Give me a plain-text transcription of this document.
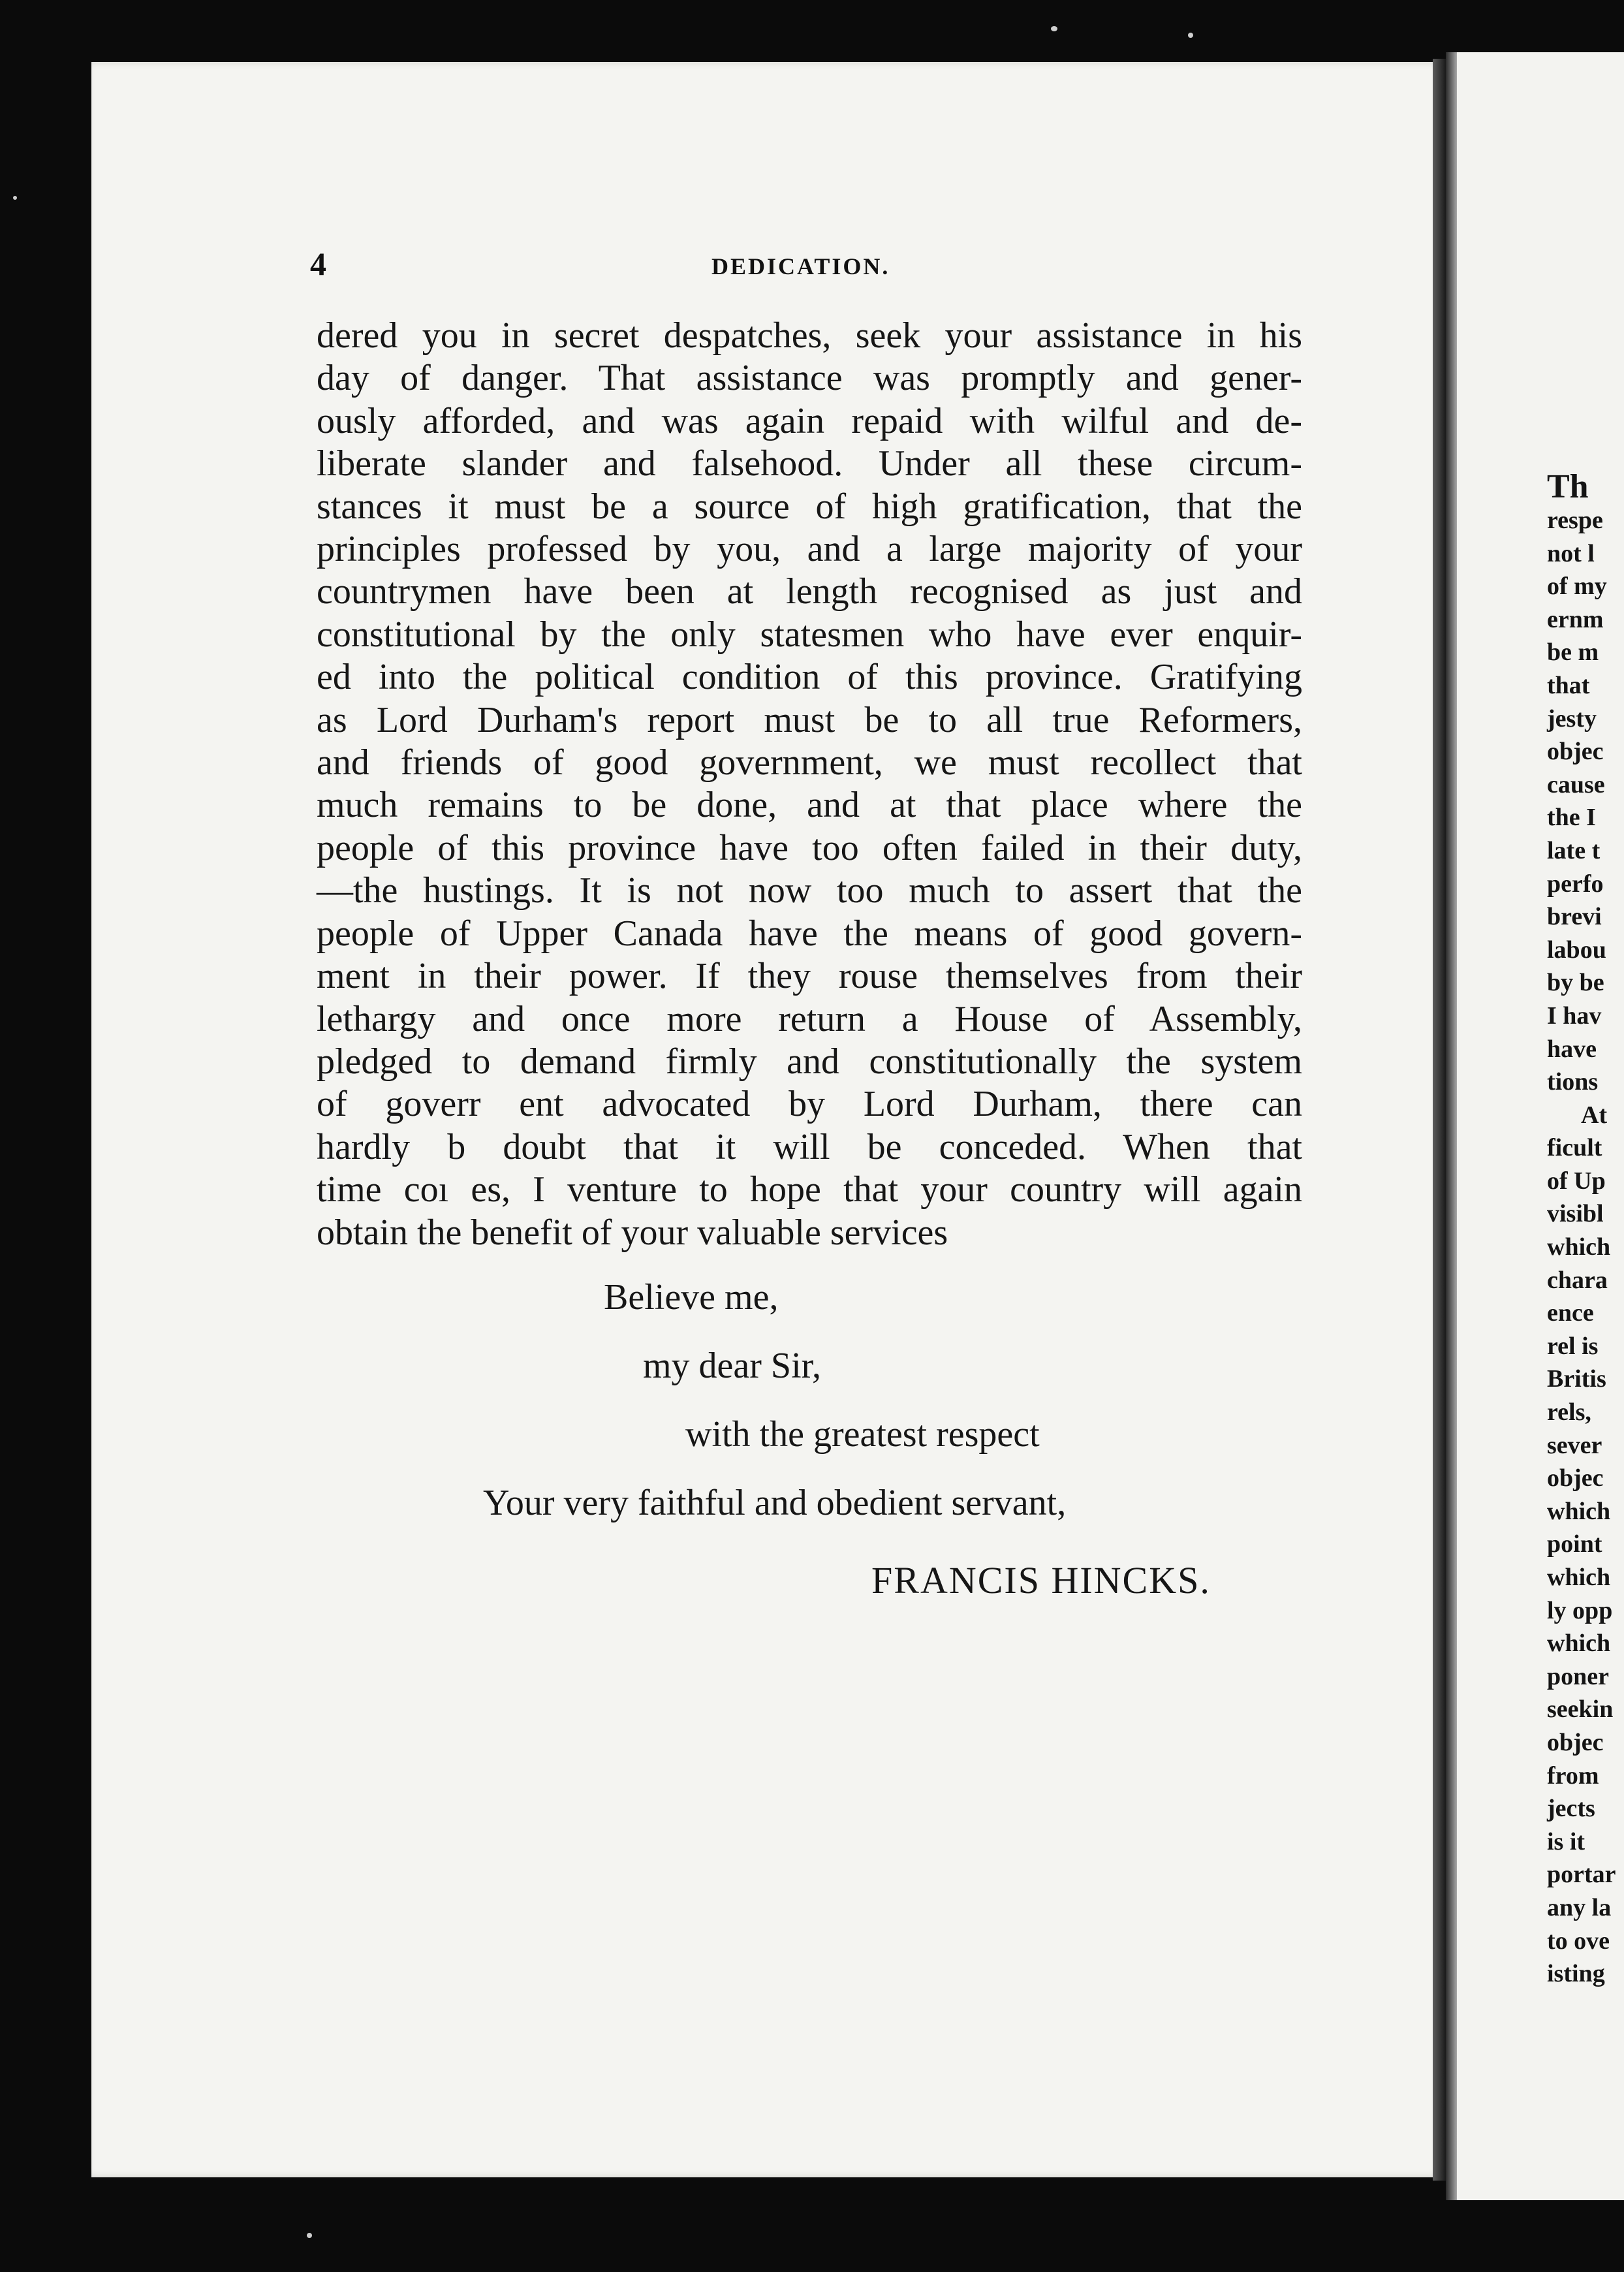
4	DEDICATION.
dered you in secret despatches, seek your assistance in his
day of danger. That assistance was promptly and gener-
ously afforded, and was again repaid with wilful and de-
liberate slander and falsehood. Under all these circum-
stances it must be a source of high gratification, that the
principles professed by you, and a large majority of your
countrymen have been at length recognised as just and
constitutional by the only statesmen who have ever enquir-
ed into the political condition of this province. Gratifying
as Lord Durham's report must be to all true Reformers,
and friends of good government, we must recollect that
much remains to be done, and at that place where the
people of this province have too often failed in their duty,
—the hustings. It is not now too much to assert that the
people of Upper Canada have the means of good govern-
ment in their power. If they rouse themselves from their
lethargy and once more return a House of Assembly,
pledged to demand firmly and constitutionally the system
of goverr ent advocated by Lord Durham, there can
hardly b doubt that it will be conceded. When that
time coı es, I venture to hope that your country will again
obtain the benefit of your valuable services
Believe me,
my dear Sir,
with the greatest respect
Your very faithful and obedient servant,
FRANCIS HINCKS.
Th
respe
not l
of my
ernm
be m
that
jesty
objec
cause
the I
late t
perfo
brevi
labou
by be
I hav
have
tions
At
ficult
of Up
visibl
which
chara
ence
rel is
Britis
rels,
sever
objec
which
point
which
ly opp
which
poner
seekin
objec
from
jects
is it
portar
any la
to ove
isting
